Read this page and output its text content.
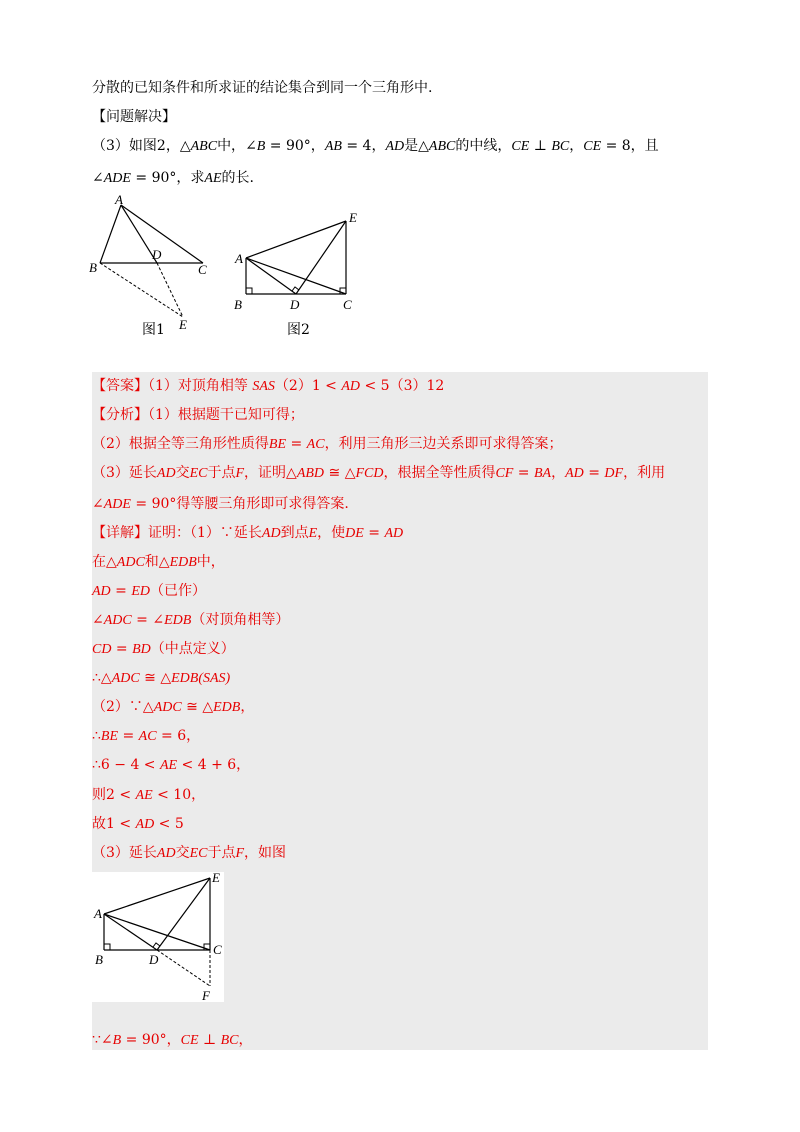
分散的已知条件和所求证的结论集合到同一个三角形中.
【问题解决】
（3）如图2，△ABC中，∠B = 90°，AB = 4，AD是△ABC的中线，CE ⊥ BC，CE = 8，且
∠ADE = 90°，求AE的长.
A
B	C
D
E
图1
A
B	C
D
E
图2
【答案】（1）对顶角相等 SAS（2）1 < AD < 5（3）12
【分析】（1）根据题干已知可得；
（2）根据全等三角形性质得BE = AC，利用三角形三边关系即可求得答案；
（3）延长AD交EC于点F，证明△ABD ≅ △FCD，根据全等性质得CF = BA，AD = DF，利用
∠ADE = 90°得等腰三角形即可求得答案.
【详解】证明：（1）∵延长AD到点E，使DE = AD
在△ADC和△EDB中，
AD = ED（已作）
∠ADC = ∠EDB（对顶角相等）
CD = BD（中点定义）
∴△ADC ≅ △EDB(SAS)
（2）∵△ADC ≅ △EDB，
∴BE = AC = 6，
∴6 − 4 < AE < 4 + 6，
则2 < AE < 10，
故1 < AD < 5
（3）延长AD交EC于点F，如图
A
B
C
D
E
F
∵∠B = 90°，CE ⊥ BC，
